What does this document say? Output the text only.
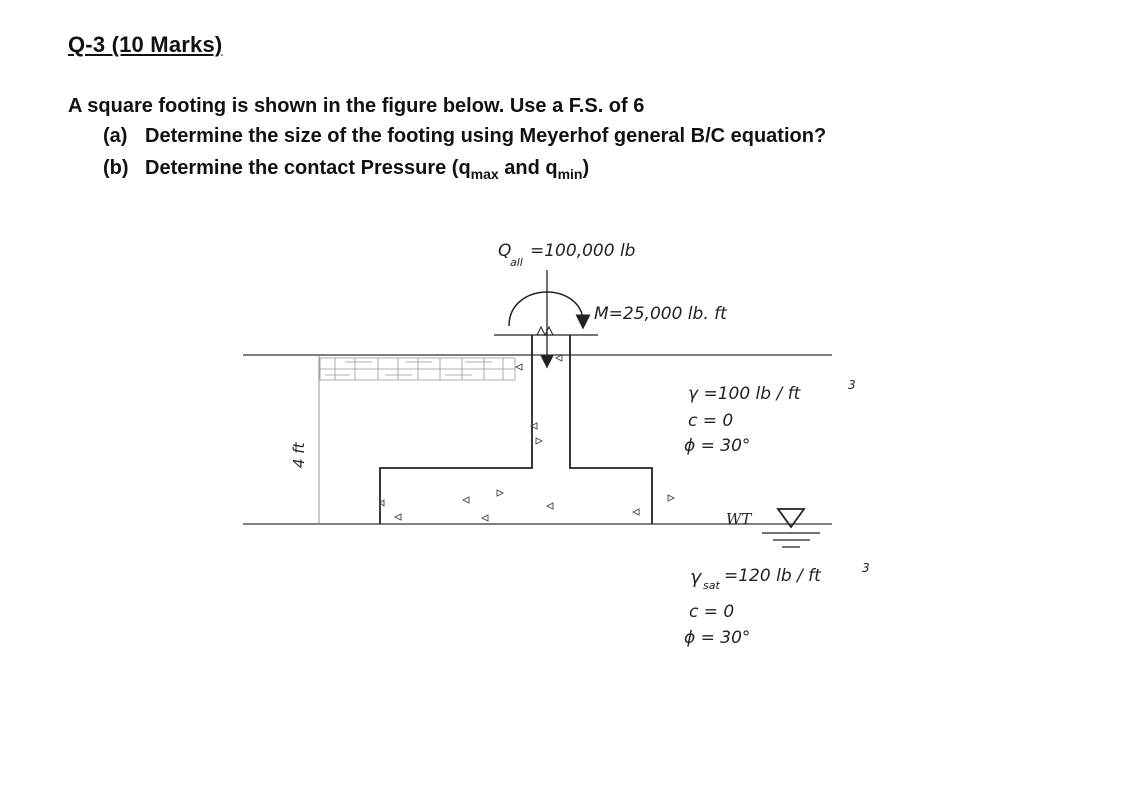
Q-3 (10 Marks)

A square footing is shown in the figure below. Use a F.S. of 6

(a) Determine the size of the footing using Meyerhof general B/C equation?

(b) Determine the contact Pressure ($q_{max}$ and $q_{min}$)

4 ft
Q
all
=100,000 lb
M=25,000 lb. ft
γ =100 lb / ft	3
c = 0
ϕ = 30°
WT
γ sat =120 lb / ft	3
c = 0
ϕ = 30°
